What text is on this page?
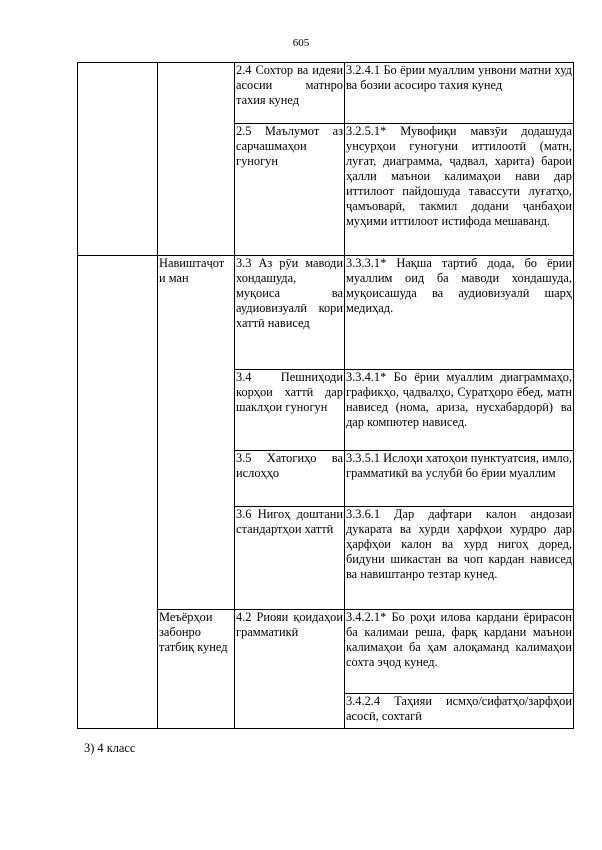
605
		2.4 Сохтор ва идеяи асосии матнро тахия кунед	3.2.4.1 Бо ёрии муаллим унвони матни худ ва бозии асосиро тахия кунед
		2.5 Маълумот аз сарчашмаҳои гуногун	3.2.5.1* Мувофиқи мавзӯи додашуда унсурҳои гуногуни иттилоотӣ (матн, луғат, диаграмма, ҷадвал, харита) барои ҳалли маънои калимаҳои нави дар иттилоот пайдошуда тавассути луғатҳо, ҷамъоварӣ, такмил додани ҷанбаҳои муҳими иттилоот истифода мешаванд.
	Навиштаҷот и ман	3.3 Аз рӯи маводи хондашуда, муқоиса ва аудиовизуалӣ кори хаттӣ нависед	3.3.3.1* Нақша тартиб дода, бо ёрии муаллим оид ба маводи хондашуда, муқоисашуда ва аудиовизуалӣ шарҳ медиҳад.
		3.4 Пешниҳоди корҳои хаттӣ дар шаклҳои гуногун	3.3.4.1* Бо ёрии муаллим диаграммаҳо, графикҳо, ҷадвалҳо, Суратҳоро ёбед, матн нависед (нома, ариза, нусхабардорӣ) ва дар компютер нависед.
		3.5 Хатогиҳо ва ислоҳҳо	3.3.5.1 Ислоҳи хатоҳои пунктуатсия, имло, грамматикӣ ва услубӣ бо ёрии муаллим
		3.6 Нигоҳ доштани стандартҳои хаттӣ	3.3.6.1 Дар дафтари калон андозаи дукарата ва хурди ҳарфҳои хурдро дар ҳарфҳои калон ва хурд нигоҳ доред, бидуни шикастан ва чоп кардан нависед ва навиштанро тезтар кунед.
	Меъёрҳои забонро татбиқ кунед	4.2 Риояи қоидаҳои грамматикӣ	3.4.2.1* Бо роҳи илова кардани ёрирасон ба калимаи реша, фарқ кардани маънои калимаҳои ба ҳам алоқаманд калимаҳои сохта эҷод кунед.
			3.4.2.4 Таҳияи исмҳо/сифатҳо/зарфҳои асосӣ, сохтагӣ
3) 4 класс
